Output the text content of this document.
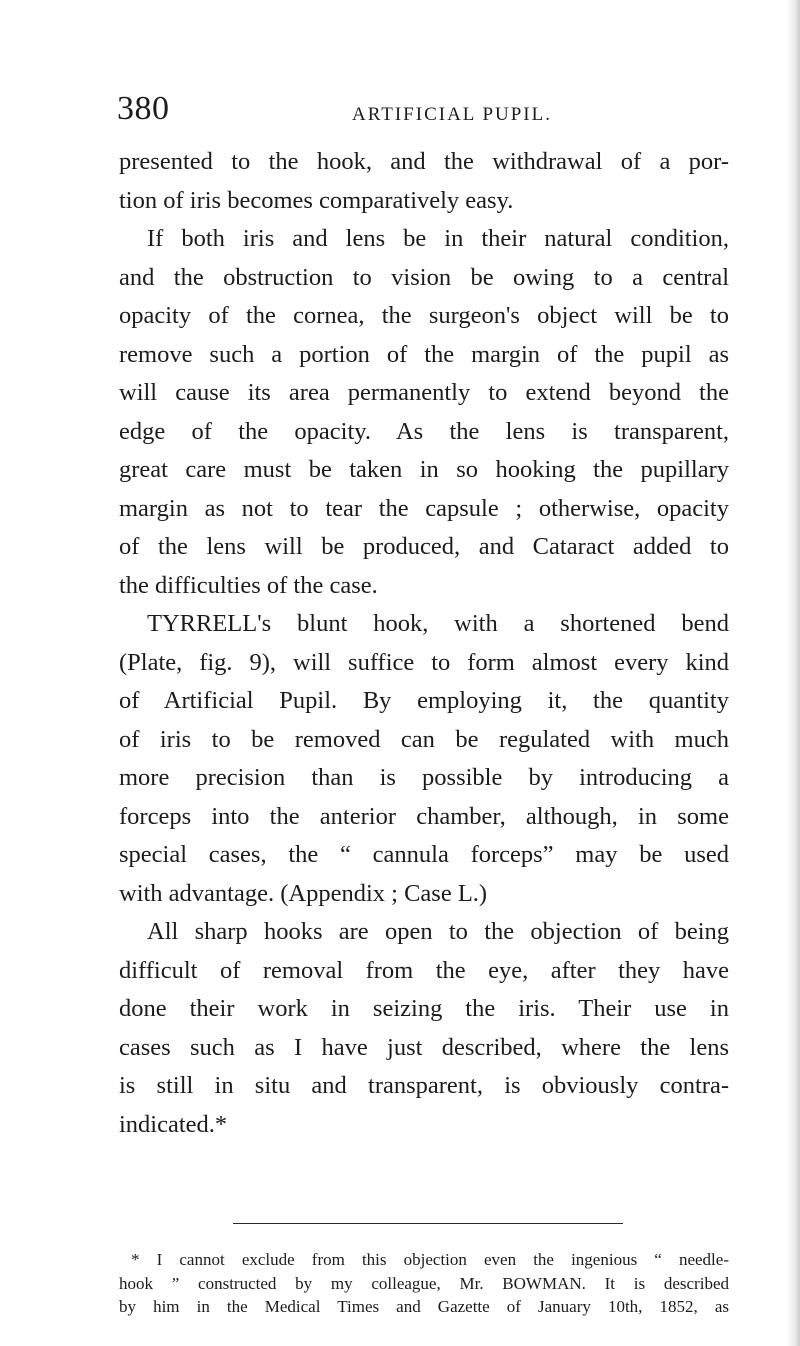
380	ARTIFICIAL PUPIL.
presented to the hook, and the withdrawal of a por-
tion of iris becomes comparatively easy.
If both iris and lens be in their natural condition,
and the obstruction to vision be owing to a central
opacity of the cornea, the surgeon's object will be to
remove such a portion of the margin of the pupil as
will cause its area permanently to extend beyond the
edge of the opacity. As the lens is transparent,
great care must be taken in so hooking the pupillary
margin as not to tear the capsule ; otherwise, opacity
of the lens will be produced, and Cataract added to
the difficulties of the case.
TYRRELL's blunt hook, with a shortened bend
(Plate, fig. 9), will suffice to form almost every kind
of Artificial Pupil. By employing it, the quantity
of iris to be removed can be regulated with much
more precision than is possible by introducing a
forceps into the anterior chamber, although, in some
special cases, the “ cannula forceps” may be used
with advantage. (Appendix ; Case L.)
All sharp hooks are open to the objection of being
difficult of removal from the eye, after they have
done their work in seizing the iris. Their use in
cases such as I have just described, where the lens
is still in situ and transparent, is obviously contra-
indicated.*
* I cannot exclude from this objection even the ingenious “ needle-
hook ” constructed by my colleague, Mr. BOWMAN. It is described
by him in the Medical Times and Gazette of January 10th, 1852, as
